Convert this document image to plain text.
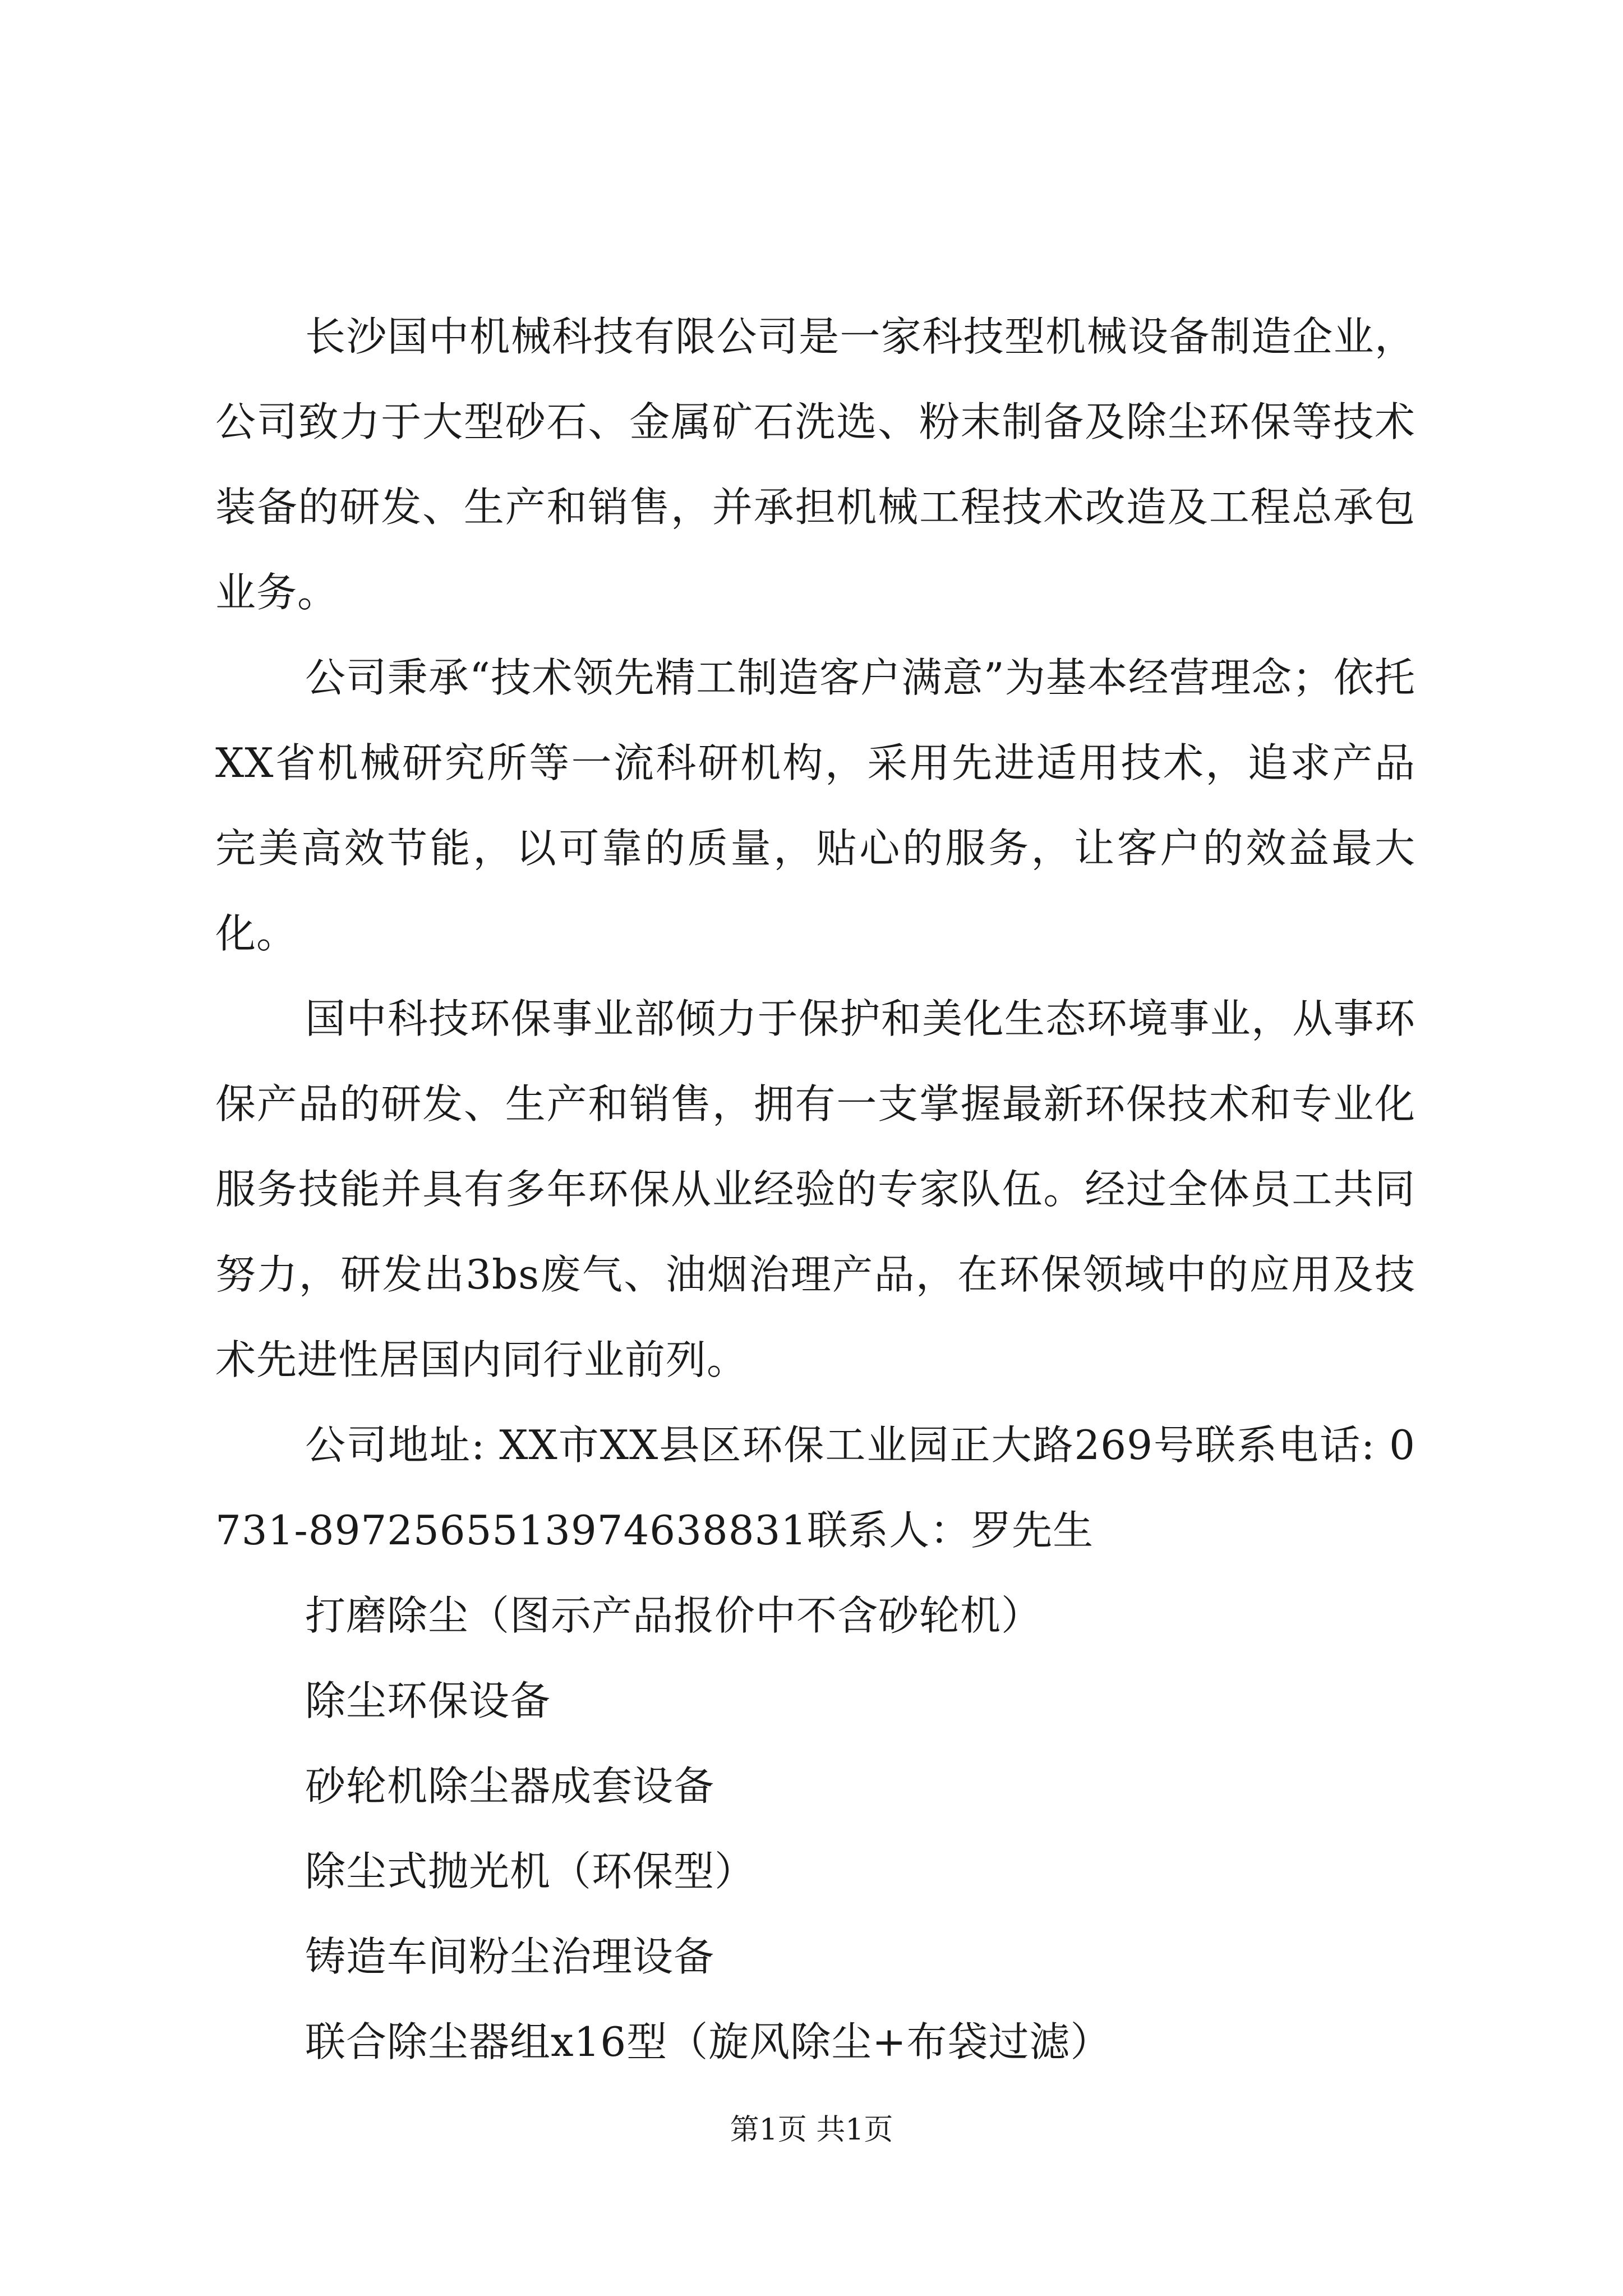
长沙国中机械科技有限公司是一家科技型机械设备制造企业，公司致力于大型砂石、金属矿石洗选、粉末制备及除尘环保等技术装备的研发、生产和销售，并承担机械工程技术改造及工程总承包业务。

公司秉承“技术领先精工制造客户满意”为基本经营理念；依托XX省机械研究所等一流科研机构，采用先进适用技术，追求产品完美高效节能，以可靠的质量，贴心的服务，让客户的效益最大化。

国中科技环保事业部倾力于保护和美化生态环境事业，从事环保产品的研发、生产和销售，拥有一支掌握最新环保技术和专业化服务技能并具有多年环保从业经验的专家队伍。经过全体员工共同努力，研发出3bs废气、油烟治理产品，在环保领域中的应用及技术先进性居国内同行业前列。

公司地址: XX市XX县区环保工业园正大路269号联系电话: 0731-8972565513974638831联系人：罗先生

打磨除尘（图示产品报价中不含砂轮机）
除尘环保设备
砂轮机除尘器成套设备
除尘式抛光机（环保型）
铸造车间粉尘治理设备
联合除尘器组x16型（旋风除尘+布袋过滤）
第1页 共1页
